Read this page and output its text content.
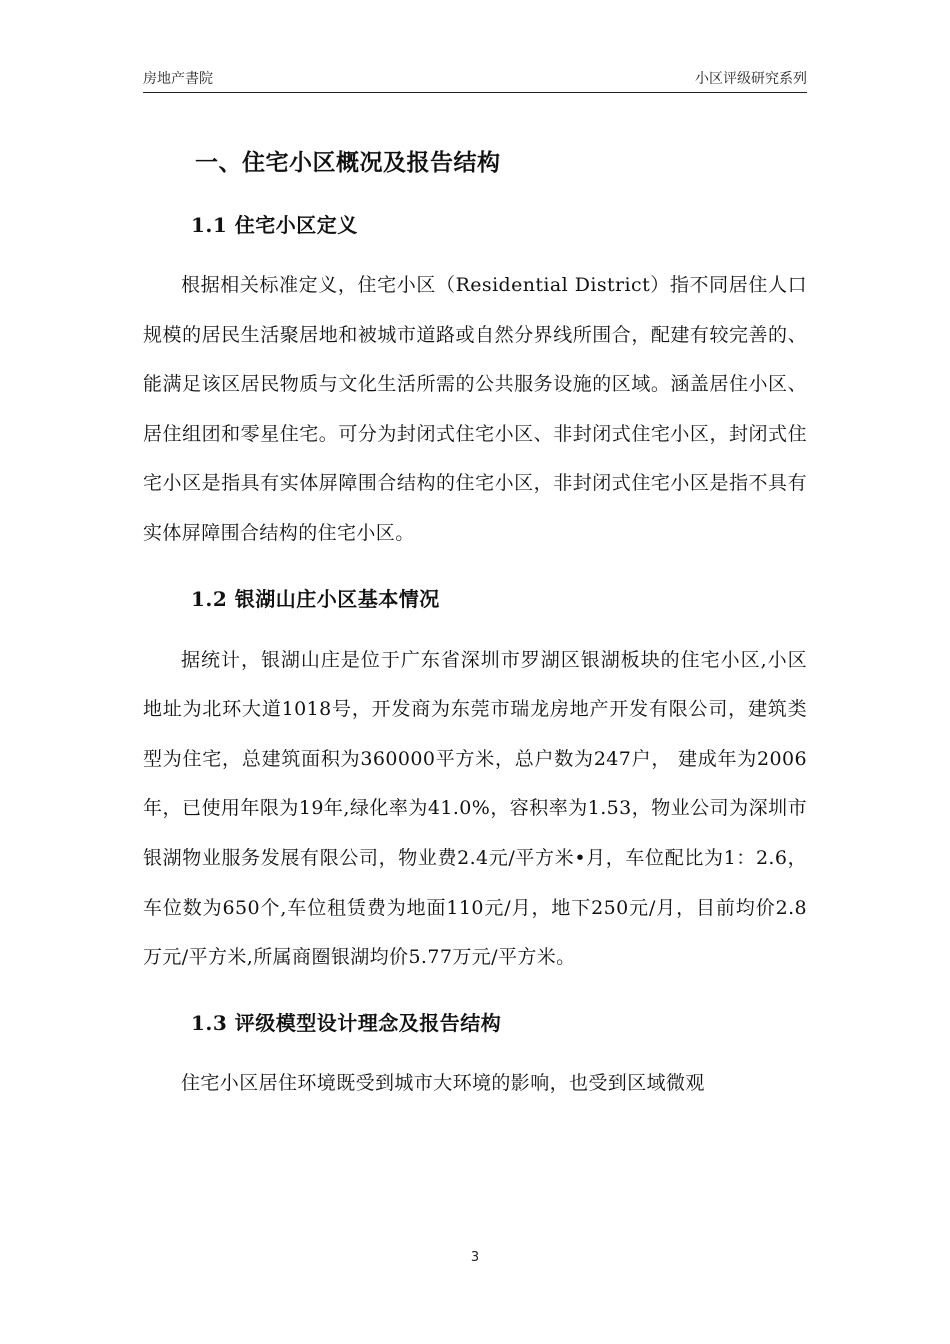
房地产書院	小区评级研究系列
一、住宅小区概况及报告结构
1.1 住宅小区定义

根据相关标准定义，住宅小区（Residential District）指不同居住人口规模的居民生活聚居地和被城市道路或自然分界线所围合，配建有较完善的、能满足该区居民物质与文化生活所需的公共服务设施的区域。涵盖居住小区、居住组团和零星住宅。可分为封闭式住宅小区、非封闭式住宅小区，封闭式住宅小区是指具有实体屏障围合结构的住宅小区，非封闭式住宅小区是指不具有实体屏障围合结构的住宅小区。

1.2 银湖山庄小区基本情况

据统计，银湖山庄是位于广东省深圳市罗湖区银湖板块的住宅小区,小区地址为北环大道1018号，开发商为东莞市瑞龙房地产开发有限公司，建筑类型为住宅，总建筑面积为360000平方米，总户数为247户， 建成年为2006年，已使用年限为19年,绿化率为41.0%，容积率为1.53，物业公司为深圳市银湖物业服务发展有限公司，物业费2.4元/平方米•月，车位配比为1：2.6，车位数为650个,车位租赁费为地面110元/月，地下250元/月，目前均价2.8万元/平方米,所属商圈银湖均价5.77万元/平方米。

1.3 评级模型设计理念及报告结构

住宅小区居住环境既受到城市大环境的影响，也受到区域微观

3
